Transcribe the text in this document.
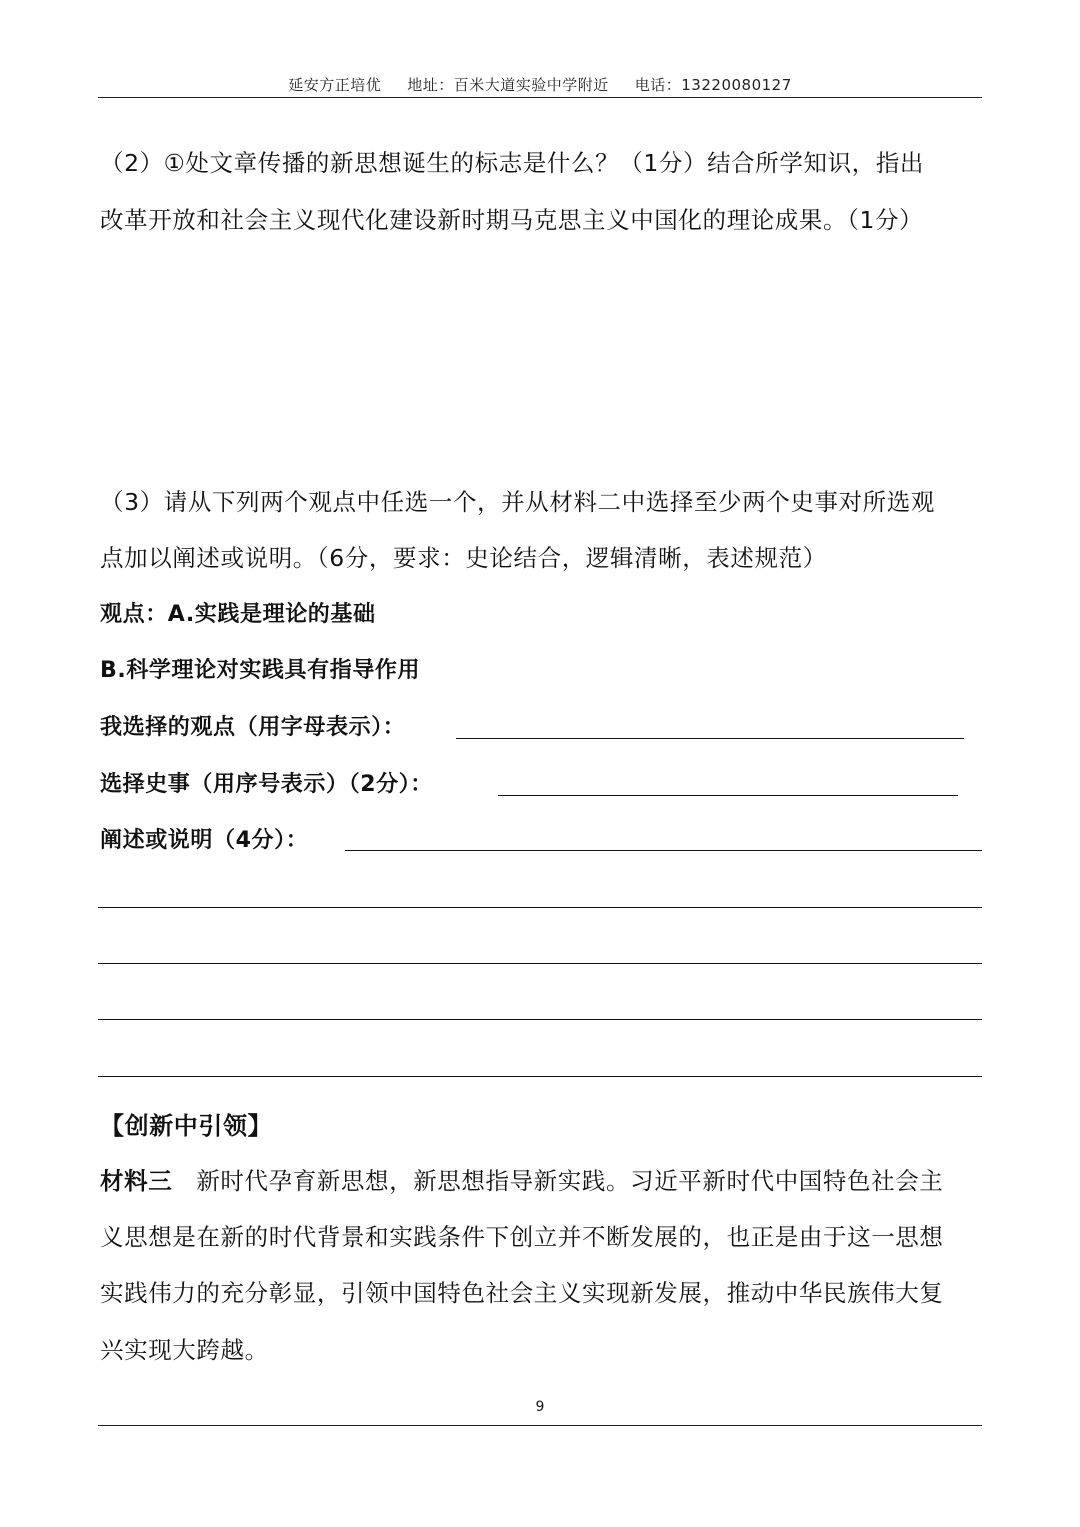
延安方正培优 地址：百米大道实验中学附近 电话：13220080127
（2）①处文章传播的新思想诞生的标志是什么？（1分）结合所学知识，指出
改革开放和社会主义现代化建设新时期马克思主义中国化的理论成果。（1分）
（3）请从下列两个观点中任选一个，并从材料二中选择至少两个史事对所选观
点加以阐述或说明。（6分，要求：史论结合，逻辑清晰，表述规范）
观点：A.实践是理论的基础
B.科学理论对实践具有指导作用
我选择的观点（用字母表示）：
选择史事（用序号表示）（2分）：
阐述或说明（4分）：
【创新中引领】
材料三 新时代孕育新思想，新思想指导新实践。习近平新时代中国特色社会主
义思想是在新的时代背景和实践条件下创立并不断发展的，也正是由于这一思想
实践伟力的充分彰显，引领中国特色社会主义实现新发展，推动中华民族伟大复
兴实现大跨越。
9
